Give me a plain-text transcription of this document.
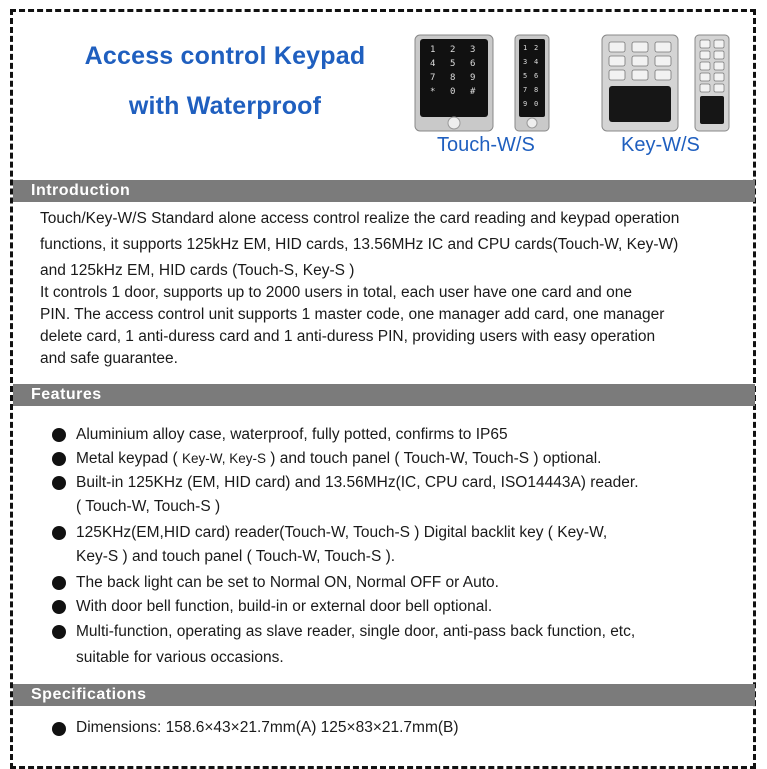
Access control Keypad
with Waterproof
1 2 3
4 5 6
7 8 9
* 0 #
1 2
3 4
5 6
7 8
9 0
Touch-W/S	Key-W/S
Introduction
Touch/Key-W/S Standard alone access control realize the card reading and keypad operation
functions, it supports 125kHz EM, HID cards, 13.56MHz IC and CPU cards(Touch-W, Key-W)
and 125kHz EM, HID cards (Touch-S, Key-S )
It controls 1 door, supports up to 2000 users in total, each user have one card and one
PIN. The access control unit supports 1 master code, one manager add card, one manager
delete card, 1 anti-duress card and 1 anti-duress PIN, providing users with easy operation
and safe guarantee.
Features
Aluminium alloy case, waterproof, fully potted, confirms to IP65
Metal keypad ( Key-W, Key-S ) and touch panel ( Touch-W, Touch-S ) optional.
Built-in 125KHz (EM, HID card) and 13.56MHz(IC, CPU card, ISO14443A) reader.
( Touch-W, Touch-S )
125KHz(EM,HID card) reader(Touch-W, Touch-S ) Digital backlit key ( Key-W,
Key-S ) and touch panel ( Touch-W, Touch-S ).
The back light can be set to Normal ON, Normal OFF or Auto.
With door bell function, build-in or external door bell optional.
Multi-function, operating as slave reader, single door, anti-pass back function, etc,
suitable for various occasions.
Specifications
Dimensions: 158.6×43×21.7mm(A) 125×83×21.7mm(B)
